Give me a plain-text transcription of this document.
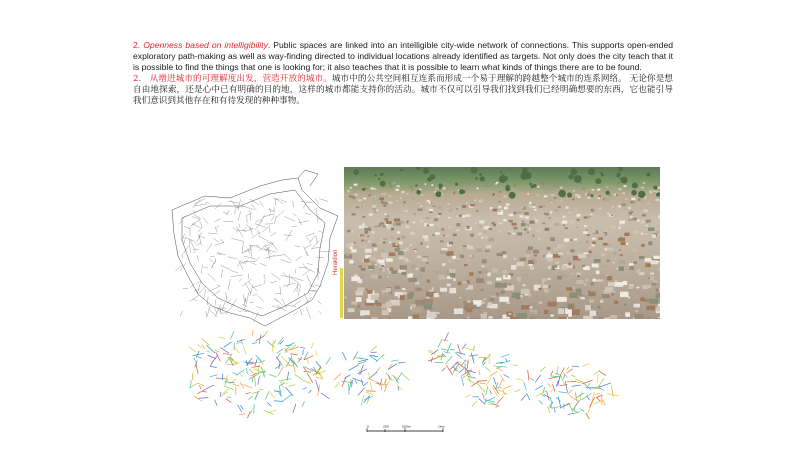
2. Openness based on intelligibility. Public spaces are linked into an intelligible city-wide network of connections. This supports open-ended exploratory path-making as well as way-finding directed to individual locations already identified as targets. Not only does the city teach that it is possible to find the things that one is looking for; it also teaches that it is possible to learn what kinds of things there are to be found.

2. 从增进城市的可理解度出发，营造开放的城市。城市中的公共空间相互连系而形成一个易于理解的跨越整个城市的连系网络。 无论你是想自由地探索，还是心中已有明确的目的地，这样的城市都能支持你的活动。城市不仅可以引导我们找到我们已经明确想要的东西，它也能引导我们意识到其他存在和有待发现的种种事物。

Heraklion
0	250	500m	1km
